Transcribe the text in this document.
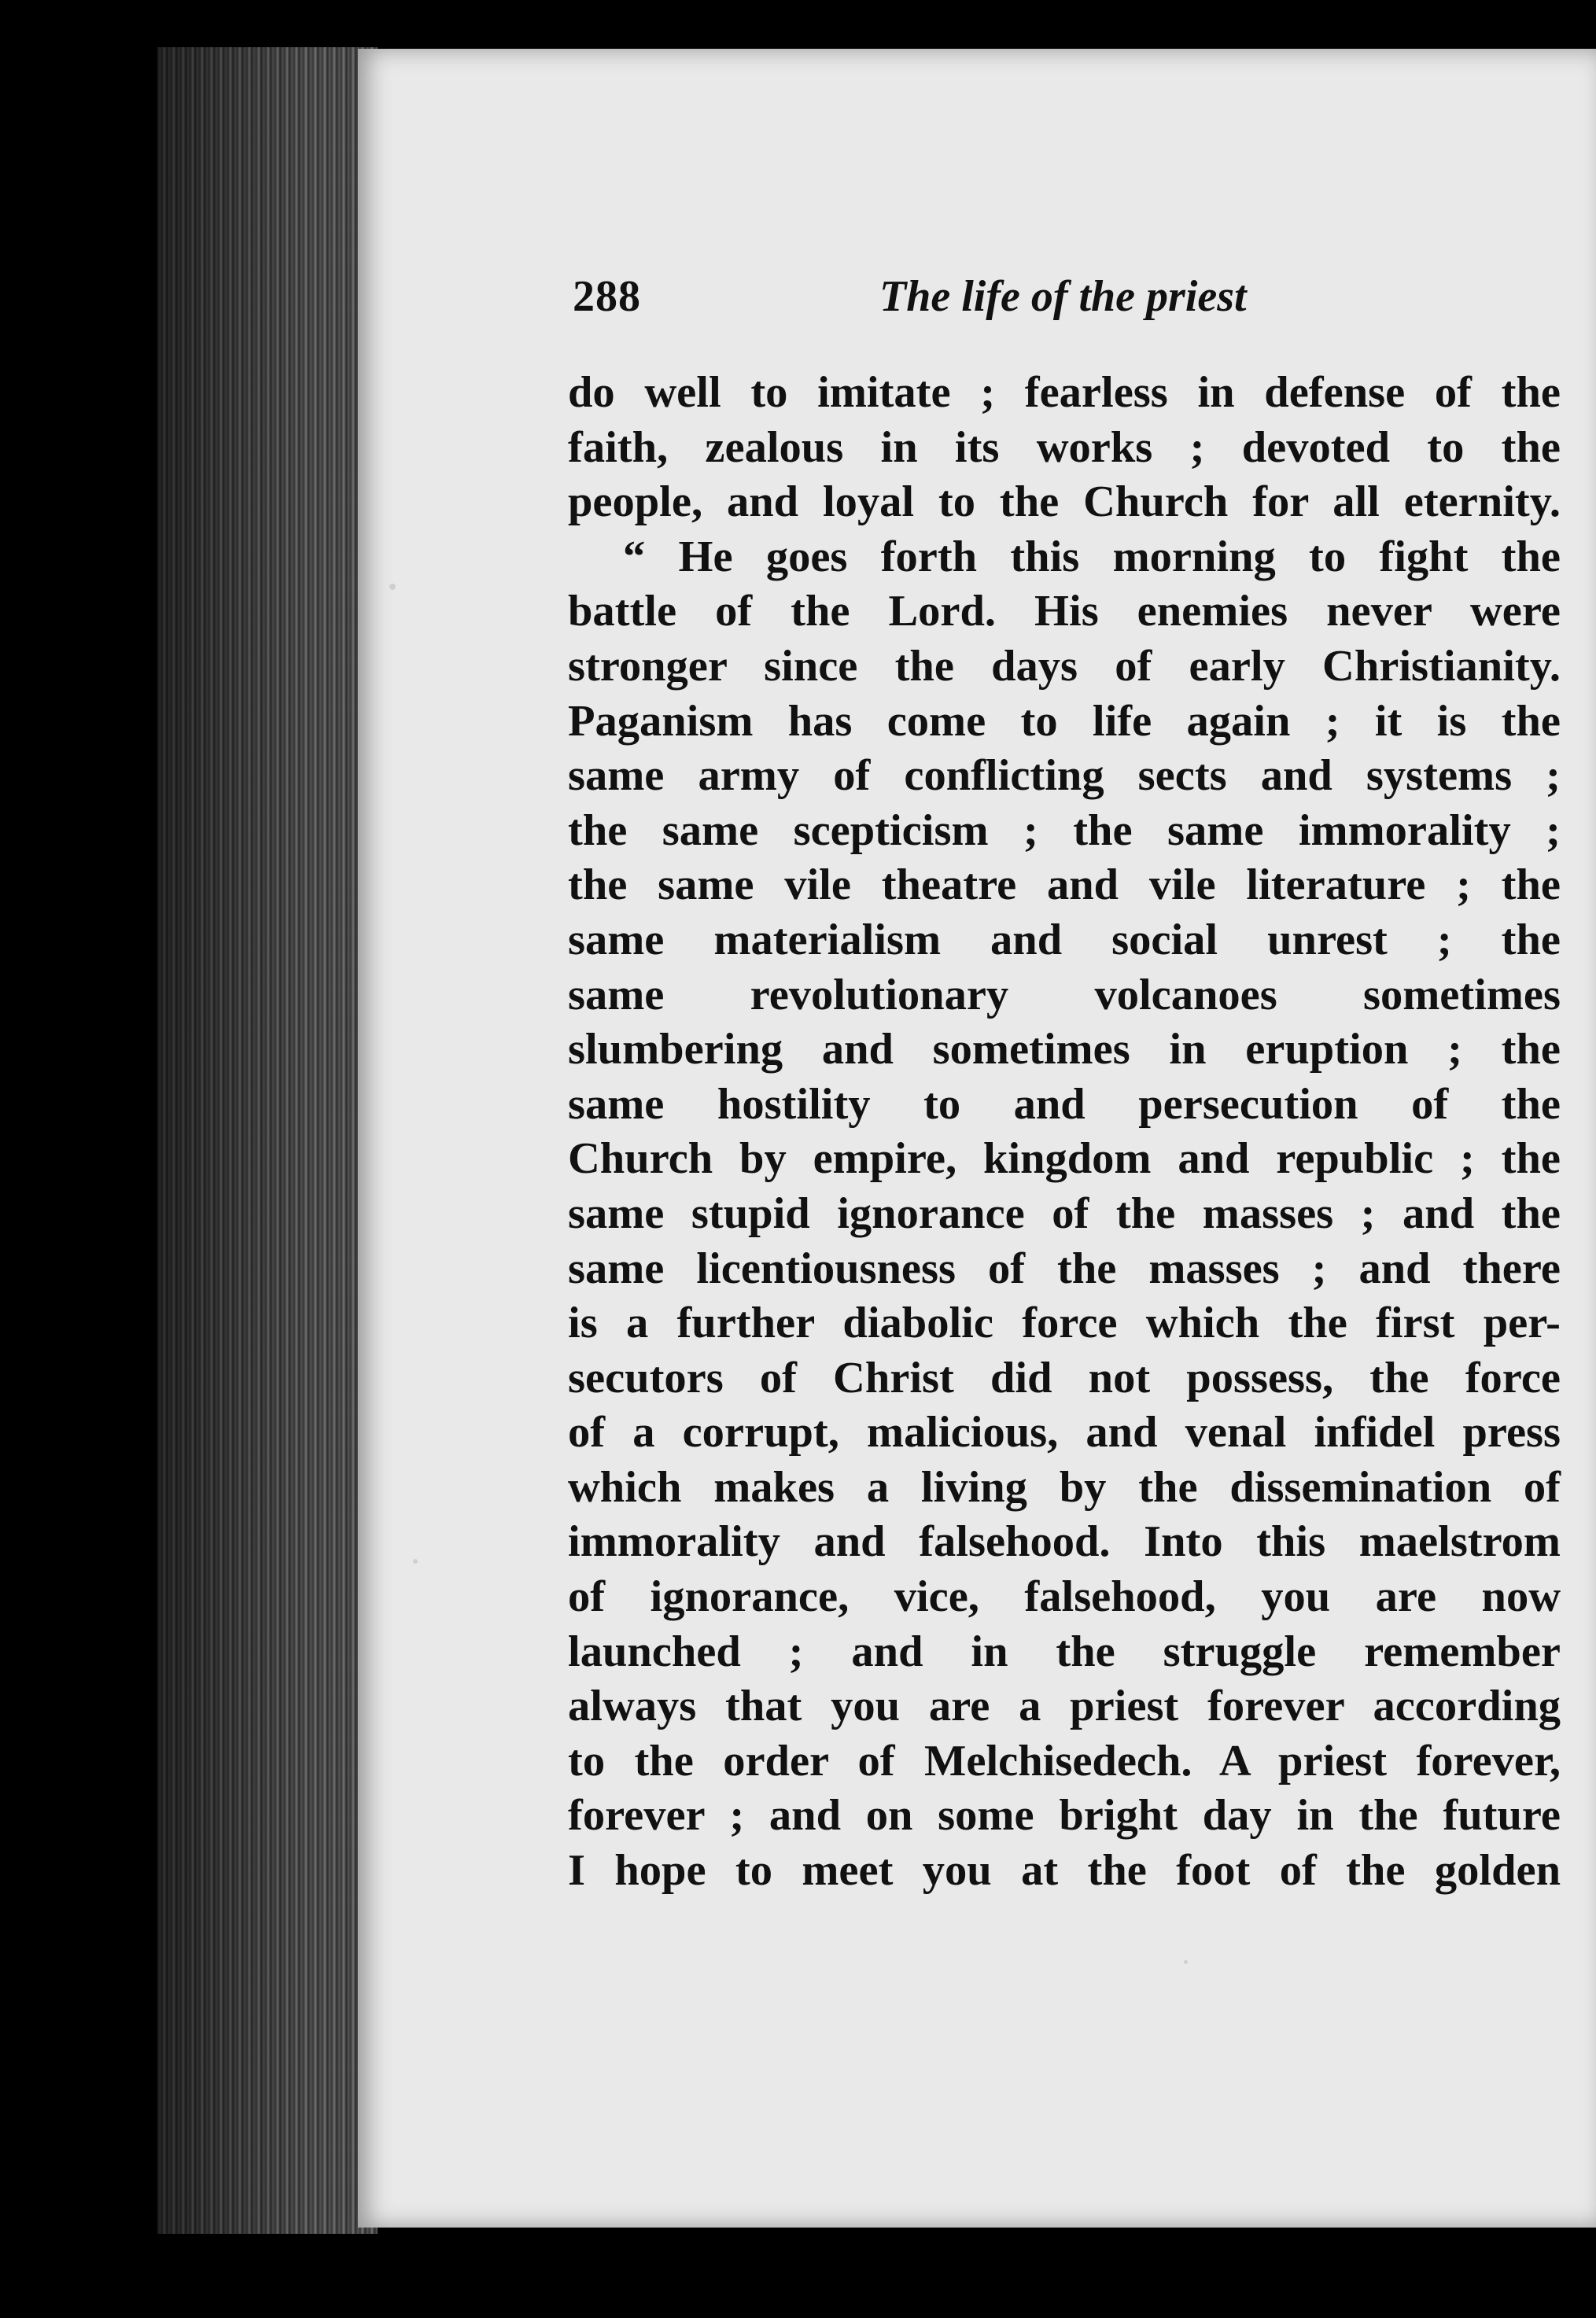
288	The life of the priest
do well to imitate ; fearless in defense of the
faith, zealous in its works ; devoted to the
people, and loyal to the Church for all eternity.
“ He goes forth this morning to fight the
battle of the Lord. His enemies never were
stronger since the days of early Christianity.
Paganism has come to life again ; it is the
same army of conflicting sects and systems ;
the same scepticism ; the same immorality ;
the same vile theatre and vile literature ; the
same materialism and social unrest ; the
same revolutionary volcanoes sometimes
slumbering and sometimes in eruption ; the
same hostility to and persecution of the
Church by empire, kingdom and republic ; the
same stupid ignorance of the masses ; and the
same licentiousness of the masses ; and there
is a further diabolic force which the first per-
secutors of Christ did not possess, the force
of a corrupt, malicious, and venal infidel press
which makes a living by the dissemination of
immorality and falsehood. Into this maelstrom
of ignorance, vice, falsehood, you are now
launched ; and in the struggle remember
always that you are a priest forever according
to the order of Melchisedech. A priest forever,
forever ; and on some bright day in the future
I hope to meet you at the foot of the golden
